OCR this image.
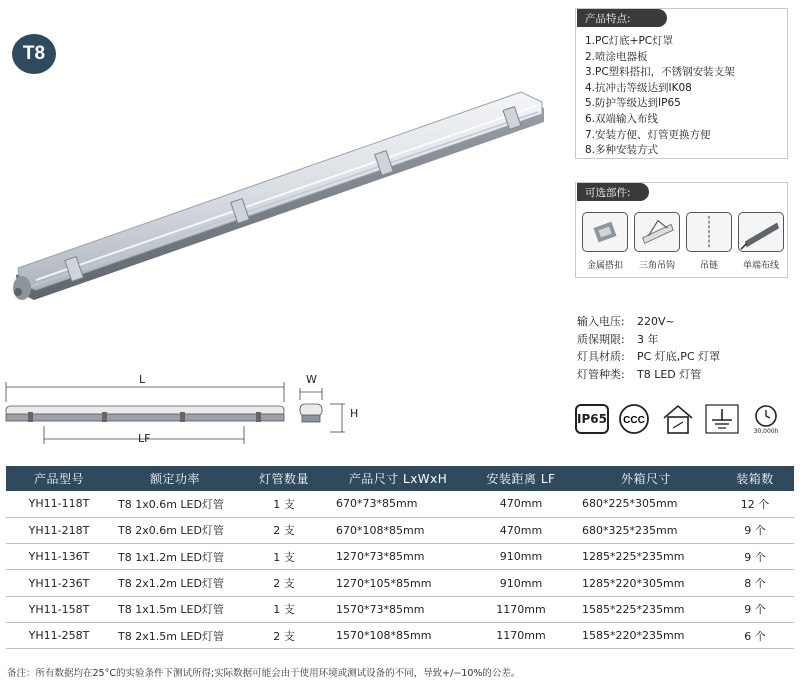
T8
L
LF
W
H
产品特点:
1.PC灯底+PC灯罩
2.喷涂电器板
3.PC塑料搭扣，不锈钢安装支架
4.抗冲击等级达到IK08
5.防护等级达到IP65
6.双端输入布线
7.安装方便、灯管更换方便
8.多种安装方式
可选部件:
金属搭扣 三角吊钩	吊链	单端布线
输入电压:	220V~
质保期限:	3 年
灯具材质:	PC 灯底,PC 灯罩
灯管种类:	T8 LED 灯管
IP65 CCC
30,000h
产品型号	额定功率	灯管数量	产品尺寸 LxWxH	安装距离 LF	外箱尺寸	装箱数
YH11-118T	T8 1x0.6m LED灯管	1 支	670*73*85mm	470mm	680*225*305mm	12 个
YH11-218T	T8 2x0.6m LED灯管	2 支	670*108*85mm	470mm	680*325*235mm	9 个
YH11-136T	T8 1x1.2m LED灯管	1 支	1270*73*85mm	910mm	1285*225*235mm	9 个
YH11-236T	T8 2x1.2m LED灯管	2 支	1270*105*85mm	910mm	1285*220*305mm	8 个
YH11-158T	T8 1x1.5m LED灯管	1 支	1570*73*85mm	1170mm	1585*225*235mm	9 个
YH11-258T	T8 2x1.5m LED灯管	2 支	1570*108*85mm	1170mm	1585*220*235mm	6 个
备注：所有数据均在25°C的实验条件下测试所得;实际数据可能会由于使用环境或测试设备的不同，导致+/−10%的公差。
